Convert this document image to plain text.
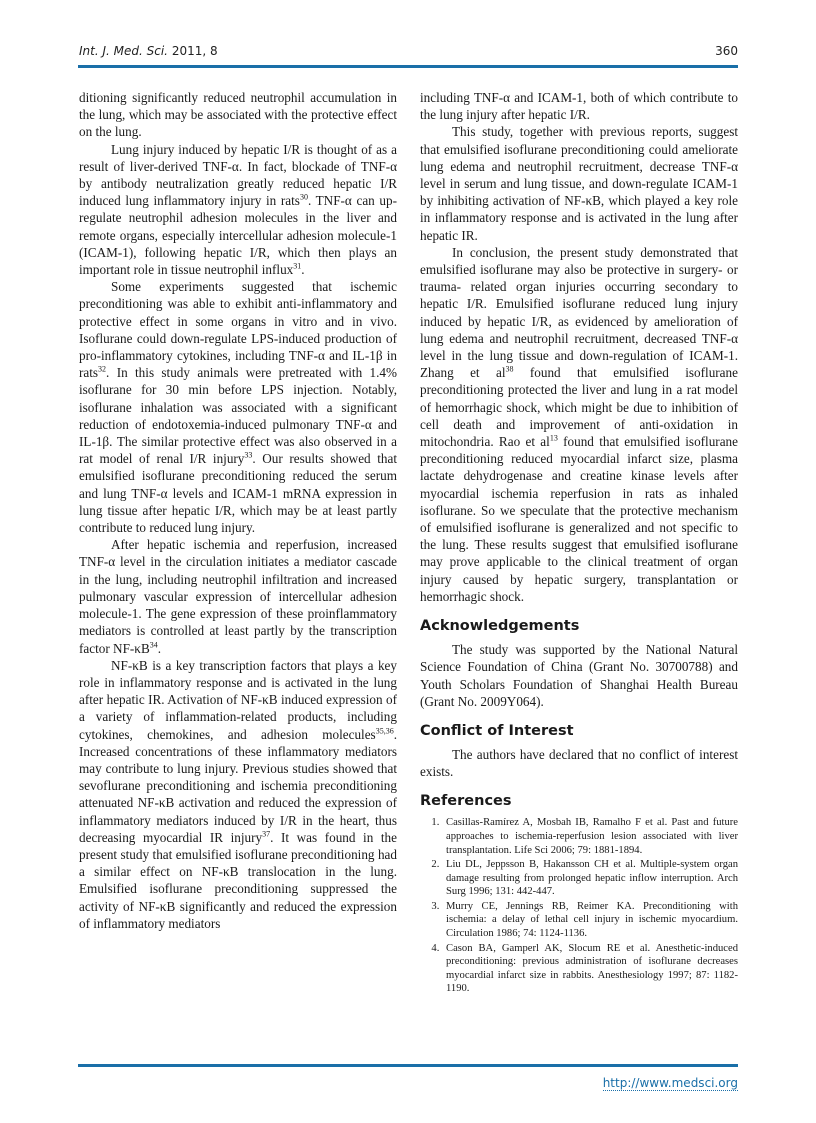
Int. J. Med. Sci. 2011, 8	360

ditioning significantly reduced neutrophil accumulation in the lung, which may be associated with the protective effect on the lung.

Lung injury induced by hepatic I/R is thought of as a result of liver-derived TNF-α. In fact, blockade of TNF-α by antibody neutralization greatly reduced hepatic I/R induced lung inflammatory injury in rats$^{30}$. TNF-α can up-regulate neutrophil adhesion molecules in the liver and remote organs, especially intercellular adhesion molecule-1 (ICAM-1), following hepatic I/R, which then plays an important role in tissue neutrophil influx$^{31}$.

Some experiments suggested that ischemic preconditioning was able to exhibit anti-inflammatory and protective effect in some organs in vitro and in vivo. Isoflurane could down-regulate LPS-induced production of pro-inflammatory cytokines, including TNF-α and IL-1β in rats$^{32}$. In this study animals were pretreated with 1.4% isoflurane for 30 min before LPS injection. Notably, isoflurane inhalation was associated with a significant reduction of endotoxemia-induced pulmonary TNF-α and IL-1β. The similar protective effect was also observed in a rat model of renal I/R injury$^{33}$. Our results showed that emulsified isoflurane preconditioning reduced the serum and lung TNF-α levels and ICAM-1 mRNA expression in lung tissue after hepatic I/R, which may be at least partly contribute to reduced lung injury.

After hepatic ischemia and reperfusion, increased TNF-α level in the circulation initiates a mediator cascade in the lung, including neutrophil infiltration and increased pulmonary vascular expression of intercellular adhesion molecule-1. The gene expression of these proinflammatory mediators is controlled at least partly by the transcription factor $NF-\kappa B^{34}$.

NF-κB is a key transcription factors that plays a key role in inflammatory response and is activated in the lung after hepatic IR. Activation of NF-κB induced expression of a variety of inflammation-related products, including cytokines, chemokines, and adhesion molecules$^{35,36}$. Increased concentrations of these inflammatory mediators may contribute to lung injury. Previous studies showed that sevoflurane preconditioning and ischemia preconditioning attenuated NF-κB activation and reduced the expression of inflammatory mediators induced by I/R in the heart, thus decreasing myocardial IR injury$^{37}$. It was found in the present study that emulsified isoflurane preconditioning had a similar effect on NF-κB translocation in the lung. Emulsified isoflurane preconditioning suppressed the activity of NF-κB significantly and reduced the expression of inflammatory mediators

including TNF-α and ICAM-1, both of which contribute to the lung injury after hepatic I/R.

This study, together with previous reports, suggest that emulsified isoflurane preconditioning could ameliorate lung edema and neutrophil recruitment, decrease TNF-α level in serum and lung tissue, and down-regulate ICAM-1 by inhibiting activation of NF-κB, which played a key role in inflammatory response and is activated in the lung after hepatic IR.

In conclusion, the present study demonstrated that emulsified isoflurane may also be protective in surgery- or trauma- related organ injuries occurring secondary to hepatic I/R. Emulsified isoflurane reduced lung injury induced by hepatic I/R, as evidenced by amelioration of lung edema and neutrophil recruitment, decreased TNF-α level in the lung tissue and down-regulation of ICAM-1. Zhang et $al^{38}$ found that emulsified isoflurane preconditioning protected the liver and lung in a rat model of hemorrhagic shock, which might be due to inhibition of cell death and improvement of anti-oxidation in mitochondria. Rao et $al^{13}$ found that emulsified isoflurane preconditioning reduced myocardial infarct size, plasma lactate dehydrogenase and creatine kinase levels after myocardial ischemia reperfusion in rats as inhaled isoflurane. So we speculate that the protective mechanism of emulsified isoflurane is generalized and not specific to the lung. These results suggest that emulsified isoflurane may prove applicable to the clinical treatment of organ injury caused by hepatic surgery, transplantation or hemorrhagic shock.

Acknowledgements

The study was supported by the National Natural Science Foundation of China (Grant No. 30700788) and Youth Scholars Foundation of Shanghai Health Bureau (Grant No. 2009Y064).

Conflict of Interest

The authors have declared that no conflict of interest exists.

References
1. Casillas-Ramírez A, Mosbah IB, Ramalho F et al. Past and future approaches to ischemia-reperfusion lesion associated with liver transplantation. Life Sci 2006; 79: 1881-1894.
2. Liu DL, Jeppsson B, Hakansson CH et al. Multiple-system organ damage resulting from prolonged hepatic inflow interruption. Arch Surg 1996; 131: 442-447.
3. Murry CE, Jennings RB, Reimer KA. Preconditioning with ischemia: a delay of lethal cell injury in ischemic myocardium. Circulation 1986; 74: 1124-1136.
4. Cason BA, Gamperl AK, Slocum RE et al. Anesthetic-induced preconditioning: previous administration of isoflurane decreases myocardial infarct size in rabbits. Anesthesiology 1997; 87: 1182-1190.
http://www.medsci.org
